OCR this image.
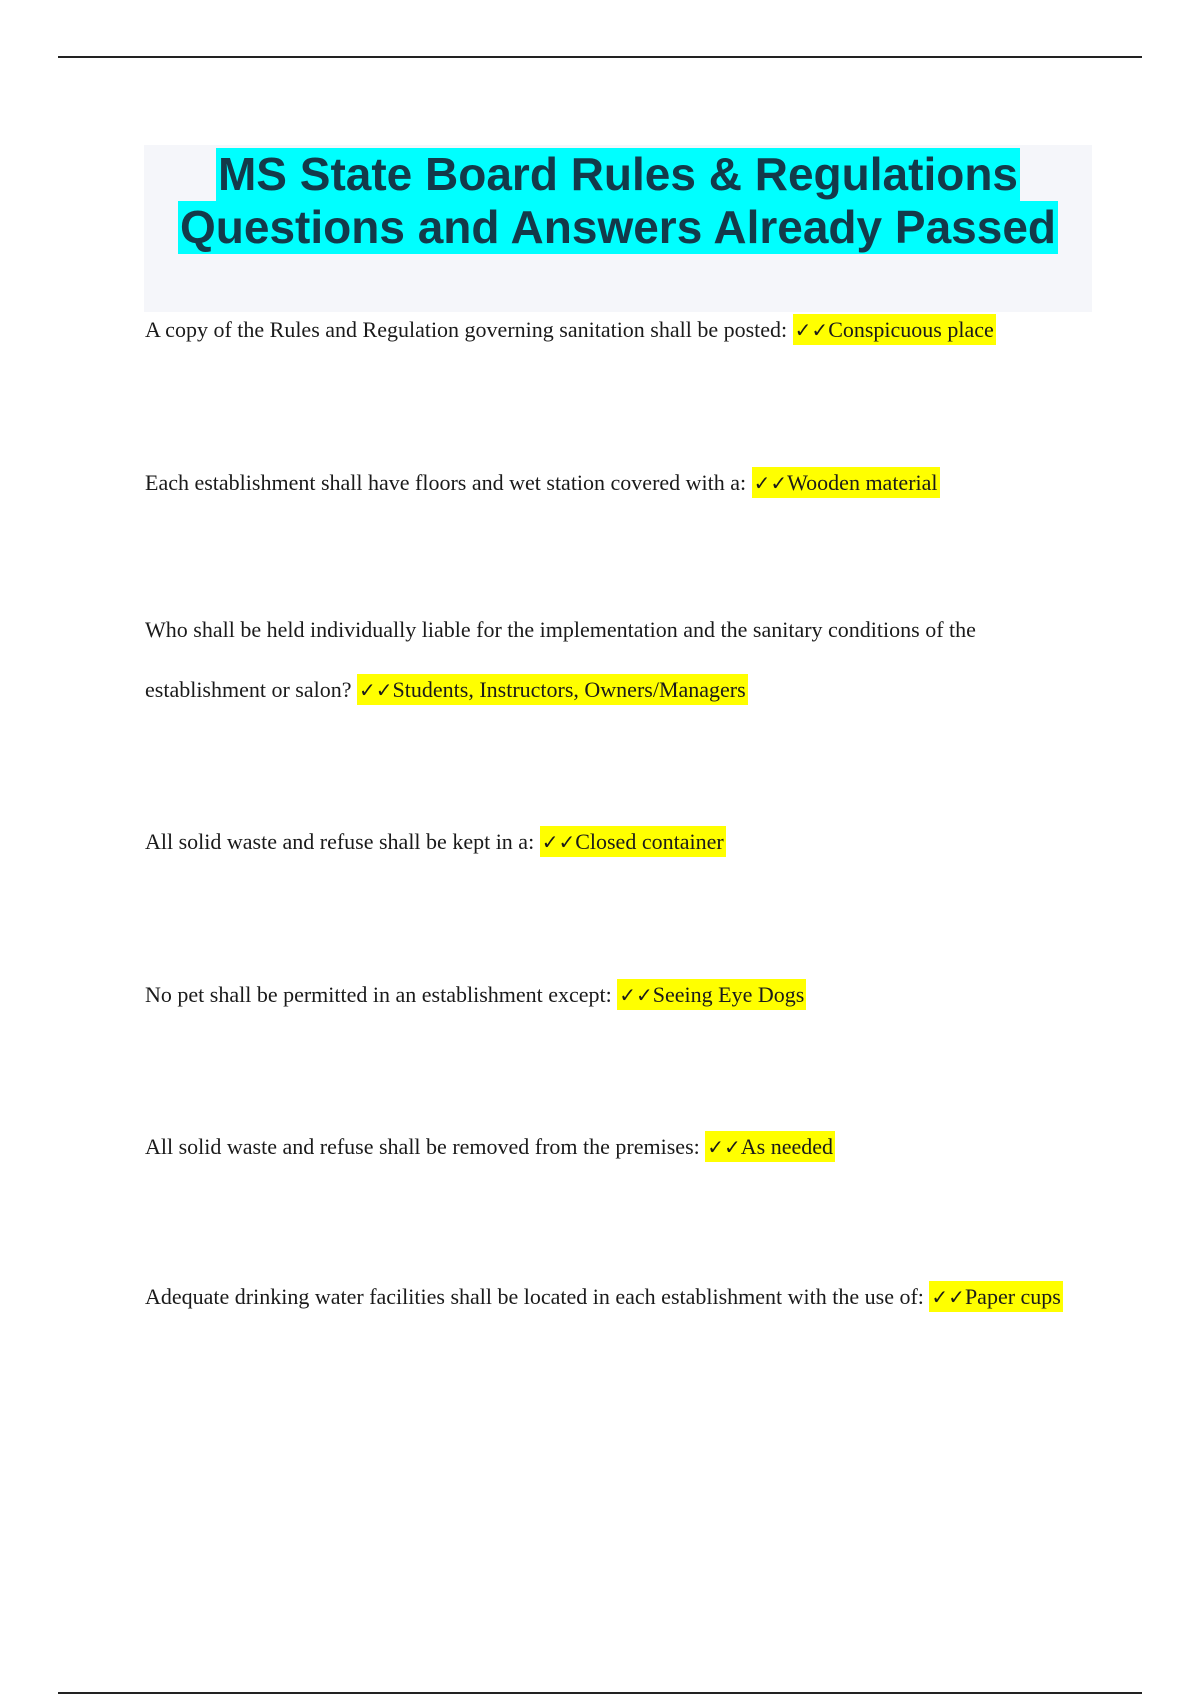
MS State Board Rules & Regulations
Questions and Answers Already Passed

A copy of the Rules and Regulation governing sanitation shall be posted: ✓✓Conspicuous place

Each establishment shall have floors and wet station covered with a: ✓✓Wooden material

Who shall be held individually liable for the implementation and the sanitary conditions of the establishment or salon? ✓✓Students, Instructors, Owners/Managers

All solid waste and refuse shall be kept in a: ✓✓Closed container

No pet shall be permitted in an establishment except: ✓✓Seeing Eye Dogs

All solid waste and refuse shall be removed from the premises: ✓✓As needed

Adequate drinking water facilities shall be located in each establishment with the use of: ✓✓Paper cups
